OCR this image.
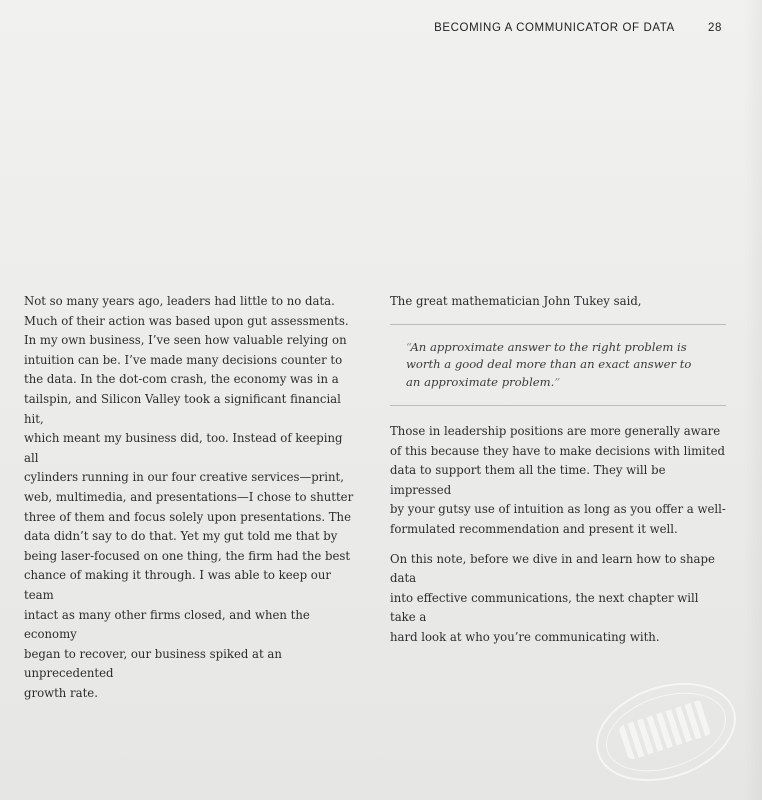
BECOMING A COMMUNICATOR OF DATA	28

Not so many years ago, leaders had little to no data.
Much of their action was based upon gut assessments.
In my own business, I’ve seen how valuable relying on
intuition can be. I’ve made many decisions counter to
the data. In the dot-com crash, the economy was in a
tailspin, and Silicon Valley took a significant financial hit,
which meant my business did, too. Instead of keeping all
cylinders running in our four creative services—print,
web, multimedia, and presentations—I chose to shutter
three of them and focus solely upon presentations. The
data didn’t say to do that. Yet my gut told me that by
being laser-focused on one thing, the firm had the best
chance of making it through. I was able to keep our team
intact as many other firms closed, and when the economy
began to recover, our business spiked at an unprecedented
growth rate.

The great mathematician John Tukey said,

“An approximate answer to the right problem is
worth a good deal more than an exact answer to
an approximate problem.”

Those in leadership positions are more generally aware
of this because they have to make decisions with limited
data to support them all the time. They will be impressed
by your gutsy use of intuition as long as you offer a well-
formulated recommendation and present it well.

On this note, before we dive in and learn how to shape data
into effective communications, the next chapter will take a
hard look at who you’re communicating with.
